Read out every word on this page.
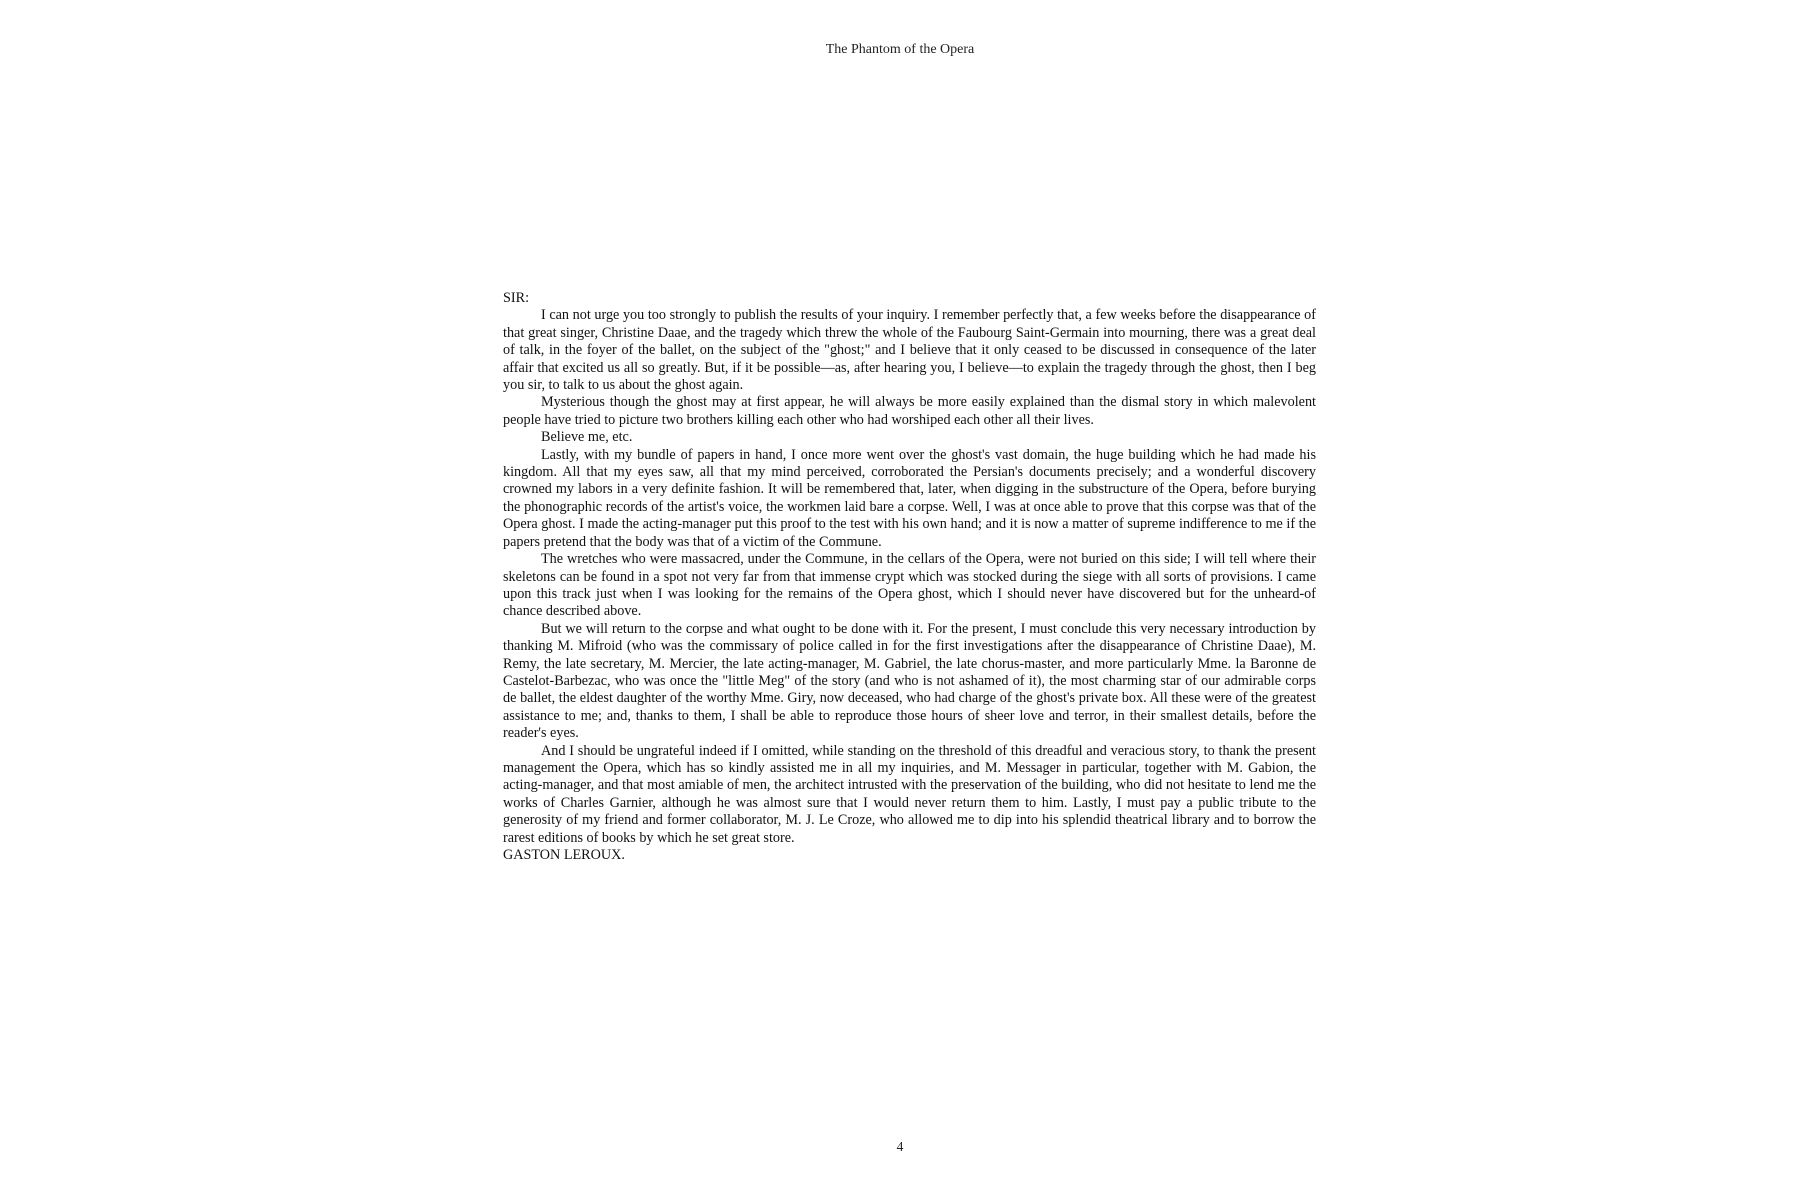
The Phantom of the Opera

SIR:

I can not urge you too strongly to publish the results of your inquiry. I remember perfectly that, a few weeks before the disappearance of that great singer, Christine Daae, and the tragedy which threw the whole of the Faubourg Saint-Germain into mourning, there was a great deal of talk, in the foyer of the ballet, on the subject of the "ghost;" and I believe that it only ceased to be discussed in consequence of the later affair that excited us all so greatly. But, if it be possible—as, after hearing you, I believe—to explain the tragedy through the ghost, then I beg you sir, to talk to us about the ghost again.

Mysterious though the ghost may at first appear, he will always be more easily explained than the dismal story in which malevolent people have tried to picture two brothers killing each other who had worshiped each other all their lives.

Believe me, etc.

Lastly, with my bundle of papers in hand, I once more went over the ghost's vast domain, the huge building which he had made his kingdom. All that my eyes saw, all that my mind perceived, corroborated the Persian's documents precisely; and a wonderful discovery crowned my labors in a very definite fashion. It will be remembered that, later, when digging in the substructure of the Opera, before burying the phonographic records of the artist's voice, the workmen laid bare a corpse. Well, I was at once able to prove that this corpse was that of the Opera ghost. I made the acting-manager put this proof to the test with his own hand; and it is now a matter of supreme indifference to me if the papers pretend that the body was that of a victim of the Commune.

The wretches who were massacred, under the Commune, in the cellars of the Opera, were not buried on this side; I will tell where their skeletons can be found in a spot not very far from that immense crypt which was stocked during the siege with all sorts of provisions. I came upon this track just when I was looking for the remains of the Opera ghost, which I should never have discovered but for the unheard-of chance described above.

But we will return to the corpse and what ought to be done with it. For the present, I must conclude this very necessary introduction by thanking M. Mifroid (who was the commissary of police called in for the first investigations after the disappearance of Christine Daae), M. Remy, the late secretary, M. Mercier, the late acting-manager, M. Gabriel, the late chorus-master, and more particularly Mme. la Baronne de Castelot-Barbezac, who was once the "little Meg" of the story (and who is not ashamed of it), the most charming star of our admirable corps de ballet, the eldest daughter of the worthy Mme. Giry, now deceased, who had charge of the ghost's private box. All these were of the greatest assistance to me; and, thanks to them, I shall be able to reproduce those hours of sheer love and terror, in their smallest details, before the reader's eyes.

And I should be ungrateful indeed if I omitted, while standing on the threshold of this dreadful and veracious story, to thank the present management the Opera, which has so kindly assisted me in all my inquiries, and M. Messager in particular, together with M. Gabion, the acting-manager, and that most amiable of men, the architect intrusted with the preservation of the building, who did not hesitate to lend me the works of Charles Garnier, although he was almost sure that I would never return them to him. Lastly, I must pay a public tribute to the generosity of my friend and former collaborator, M. J. Le Croze, who allowed me to dip into his splendid theatrical library and to borrow the rarest editions of books by which he set great store.

GASTON LEROUX.

4
